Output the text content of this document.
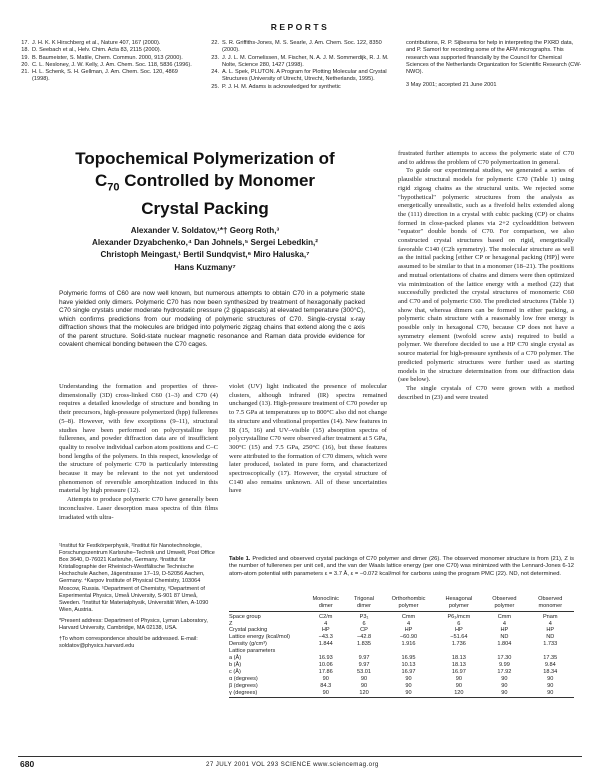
REPORTS
17. J. H. K. K Hirschberg et al., Nature 407, 167 (2000).
18. D. Seebach et al., Helv. Chim. Acta 83, 2115 (2000).
19. B. Baumeister, S. Matile, Chem. Commun. 2000, 913 (2000).
20. C. L. Nesloney, J. W. Kelly, J. Am. Chem. Soc. 118, 5836 (1996).
21. H. L. Schenk, S. H. Gellman, J. Am. Chem. Soc. 120, 4869 (1998).
22. S. R. Griffiths-Jones, M. S. Searle, J. Am. Chem. Soc. 122, 8350 (2000).
23. J. J. L. M. Cornelissen, M. Fischer, N. A. J. M. Sommerdijk, R. J. M. Nolte, Science 280, 1427 (1998).
24. A. L. Spek, PLUTON. A Program for Plotting Molecular and Crystal Structures (University of Utrecht, Utrecht, Netherlands, 1995).
25. P. J. H. M. Adams is acknowledged for synthetic

contributions, R. P. Sijbesma for help in interpreting the PXRD data, and P. Samorí for recording some of the AFM micrographs. This research was supported financially by the Council for Chemical Sciences of the Netherlands Organization for Scientific Research (CW-NWO).

3 May 2001; accepted 21 June 2001

Topochemical Polymerization of
$C_{70}$ Controlled by Monomer
Crystal Packing
Alexander V. Soldatov,¹*† Georg Roth,³
Alexander Dzyabchenko,⁴ Dan Johnels,⁵ Sergei Lebedkin,²
Christoph Meingast,¹ Bertil Sundqvist,⁶ Miro Haluska,⁷
Hans Kuzmany⁷
Polymeric forms of C60 are now well known, but numerous attempts to obtain C70 in a polymeric state have yielded only dimers. Polymeric C70 has now been synthesized by treatment of hexagonally packed C70 single crystals under moderate hydrostatic pressure (2 gigapascals) at elevated temperature (300°C), which confirms predictions from our modeling of polymeric structures of C70. Single-crystal x-ray diffraction shows that the molecules are bridged into polymeric zigzag chains that extend along the c axis of the parent structure. Solid-state nuclear magnetic resonance and Raman data provide evidence for covalent chemical bonding between the C70 cages.

Understanding the formation and properties of three-dimensionally (3D) cross-linked C60 (1–3) and C70 (4) requires a detailed knowledge of structure and bonding in their precursors, high-pressure polymerized (hpp) fullerenes (5–8). However, with few exceptions (9–11), structural studies have been performed on polycrystalline hpp fullerenes, and powder diffraction data are of insufficient quality to resolve individual carbon atom positions and C–C bond lengths of the polymers. In this respect, knowledge of the structure of polymeric C70 is particularly interesting because it may be relevant to the not yet understood phenomenon of reversible amorphization induced in this material by high pressure (12).

Attempts to produce polymeric C70 have generally been inconclusive. Laser desorption mass spectra of thin films irradiated with ultra-

violet (UV) light indicated the presence of molecular clusters, although infrared (IR) spectra remained unchanged (13). High-pressure treatment of C70 powder up to 7.5 GPa at temperatures up to 800°C also did not change its structure and vibrational properties (14). New features in IR (15, 16) and UV–visible (15) absorption spectra of polycrystalline C70 were observed after treatment at 5 GPa, 300°C (15) and 7.5 GPa, 250°C (16), but these features were attributed to the formation of C70 dimers, which were later produced, isolated in pure form, and characterized spectroscopically (17). However, the crystal structure of C140 also remains unknown. All of these uncertainties have

frustrated further attempts to access the polymeric state of C70 and to address the problem of C70 polymerization in general.

To guide our experimental studies, we generated a series of plausible structural models for polymeric C70 (Table 1) using rigid zigzag chains as the structural units. We rejected some "hypothetical" polymeric structures from the analysis as energetically unrealistic, such as a fivefold helix extended along the (111) direction in a crystal with cubic packing (CP) or chains formed in close-packed planes via 2+2 cycloaddition between "equator" double bonds of C70. For comparison, we also constructed crystal structures based on rigid, energetically favorable C140 (C2h symmetry). The molecular structure as well as the initial packing [either CP or hexagonal packing (HP)] were assumed to be similar to that in a monomer (18–21). The positions and mutual orientations of chains and dimers were then optimized via minimization of the lattice energy with a method (22) that successfully predicted the crystal structures of monomeric C60 and C70 and of polymeric C60. The predicted structures (Table 1) show that, whereas dimers can be formed in either packing, a polymeric chain structure with a reasonably low free energy is possible only in hexagonal C70, because CP does not have a symmetry element (twofold screw axis) required to build a polymer. We therefore decided to use a HP C70 single crystal as source material for high-pressure synthesis of a C70 polymer. The predicted polymeric structures were further used as starting models in the structure determination from our diffraction data (see below).

The single crystals of C70 were grown with a method described in (23) and were treated

¹Institut für Festkörperphysik, ²Institut für Nanotechnologie, Forschungszentrum Karlsruhe–Technik und Umwelt, Post Office Box 3640, D-76021 Karlsruhe, Germany. ³Institut für Kristallographie der Rheinisch-Westfälische Technische Hochschule Aachen, Jägerstrasse 17–19, D-52056 Aachen, Germany. ⁴Karpov Institute of Physical Chemistry, 103064 Moscow, Russia. ⁵Department of Chemistry, ⁶Department of Experimental Physics, Umeå University, S-901 87 Umeå, Sweden. ⁷Institut für Materialphysik, Universität Wien, A-1090 Wien, Austria.

*Present address: Department of Physics, Lyman Laboratory, Harvard University, Cambridge, MA 02138, USA.

†To whom correspondence should be addressed. E-mail: soldatov@physics.harvard.edu

Table 1. Predicted and observed crystal packings of C70 polymer and dimer (26). The observed monomer structure is from (21), Z is the number of fullerenes per unit cell, and the van der Waals lattice energy (per one C70) was minimized with the Lennard-Jones 6-12 atom-atom potential with parameters ε = 3.7 Å, ε = −0.072 kcal/mol for carbons using the program PMC (22). ND, not determined.
	Monoclinic dimer	Trigonal dimer	Orthorhombic polymer	Hexagonal polymer	Observed polymer	Observed monomer
Space group	C2/m	P3₁	Cmm	P6₃/mcm	Cmm	Pnam
Z	4	6	4	6	4	4
Crystal packing	HP	CP	HP	HP	HP	HP
Lattice energy (kcal/mol)	−43.3	−42.8	−60.90	−51.64	ND	ND
Density (g/cm³)	1.844	1.835	1.916	1.736	1.804	1.733
Lattice parameters						
a (Å)	16.93	9.97	16.95	18.13	17.30	17.35
b (Å)	10.06	9.97	10.13	18.13	9.99	9.84
c (Å)	17.86	53.01	16.97	16.97	17.92	18.34
α (degrees)	90	90	90	90	90	90
β (degrees)	84.3	90	90	90	90	90
γ (degrees)	90	120	90	120	90	90
680	27 JULY 2001 VOL 293 SCIENCE www.sciencemag.org
